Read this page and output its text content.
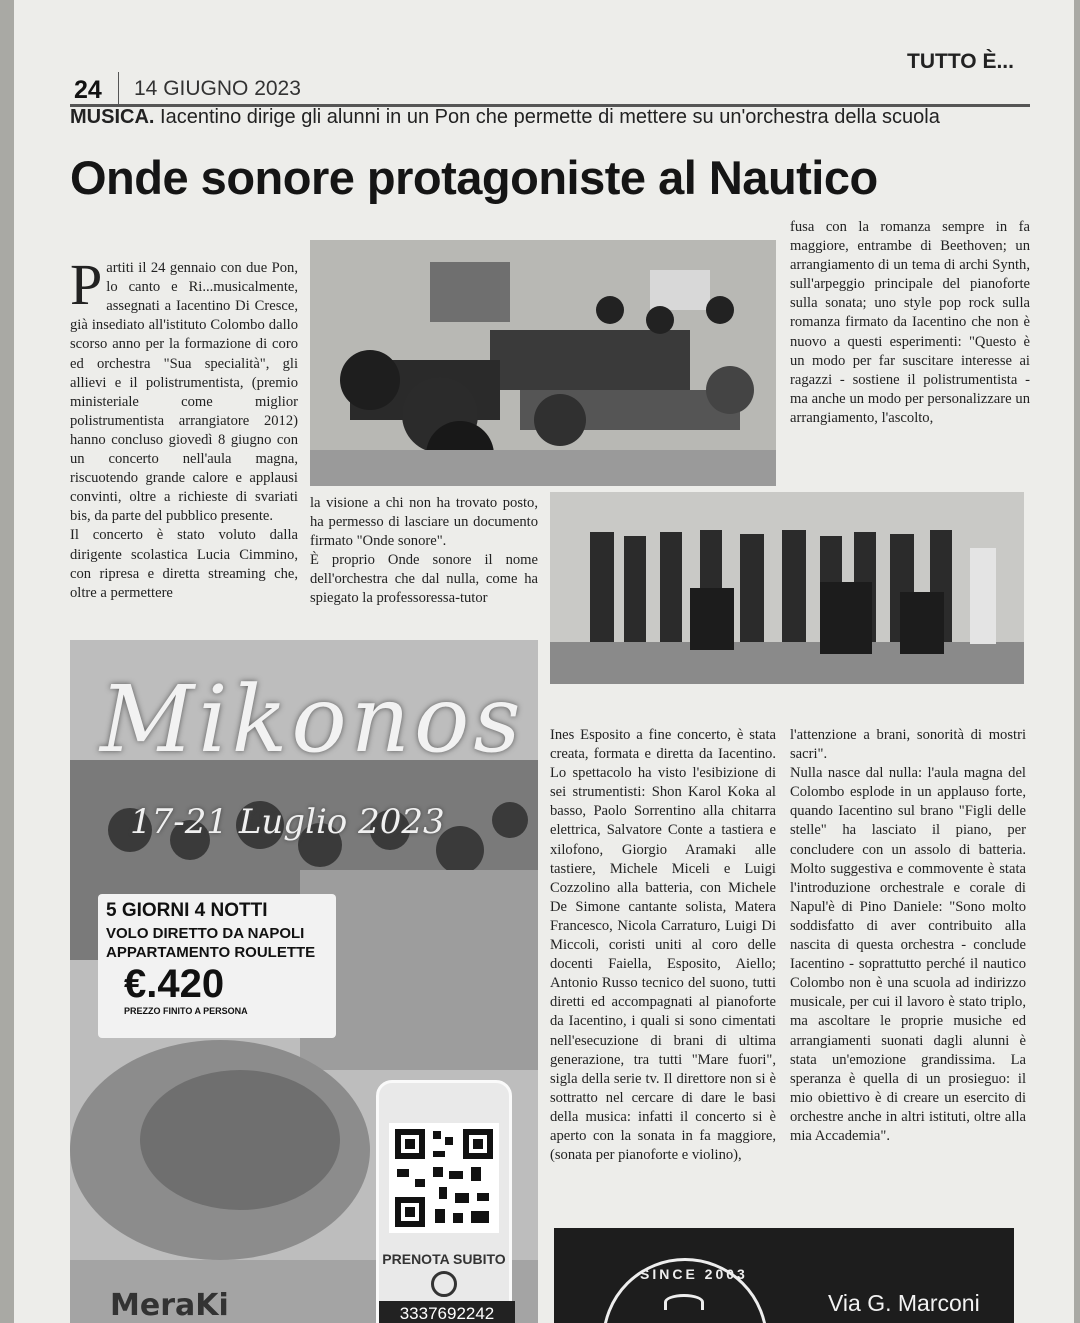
24 14 GIUGNO 2023
TUTTO È...
MUSICA. Iacentino dirige gli alunni in un Pon che permette di mettere su un'orchestra della scuola
Onde sonore protagoniste al Nautico

Partiti il 24 gennaio con due Pon, lo canto e Ri...musicalmente, assegnati a Iacentino Di Cresce, già insediato all'istituto Colombo dallo scorso anno per la formazione di coro ed orchestra "Sua specialità", gli allievi e il polistrumentista, (premio ministeriale come miglior polistrumentista arrangiatore 2012) hanno concluso giovedì 8 giugno con un concerto nell'aula magna, riscuotendo grande calore e applausi convinti, oltre a richieste di svariati bis, da parte del pubblico presente.
Il concerto è stato voluto dalla dirigente scolastica Lucia Cimmino, con ripresa e diretta streaming che, oltre a permettere

la visione a chi non ha trovato posto, ha permesso di lasciare un documento firmato "Onde sonore".
È proprio Onde sonore il nome dell'orchestra che dal nulla, come ha spiegato la professoressa-tutor
fusa con la romanza sempre in fa maggiore, entrambe di Beethoven; un arrangiamento di un tema di archi Synth, sull'arpeggio principale del pianoforte sulla sonata; uno style pop rock sulla romanza firmato da Iacentino che non è nuovo a questi esperimenti: "Questo è un modo per far suscitare interesse ai ragazzi - sostiene il polistrumentista - ma anche un modo per personalizzare un arrangiamento, l'ascolto,
Ines Esposito a fine concerto, è stata creata, formata e diretta da Iacentino. Lo spettacolo ha visto l'esibizione di sei strumentisti: Shon Karol Koka al basso, Paolo Sorrentino alla chitarra elettrica, Salvatore Conte a tastiera e xilofono, Giorgio Aramaki alle tastiere, Michele Miceli e Luigi Cozzolino alla batteria, con Michele De Simone cantante solista, Matera Francesco, Nicola Carraturo, Luigi Di Miccoli, coristi uniti al coro delle docenti Faiella, Esposito, Aiello; Antonio Russo tecnico del suono, tutti diretti ed accompagnati al pianoforte da Iacentino, i quali si sono cimentati nell'esecuzione di brani di ultima generazione, tra tutti "Mare fuori", sigla della serie tv. Il direttore non si è sottratto nel cercare di dare le basi della musica: infatti il concerto si è aperto con la sonata in fa maggiore, (sonata per pianoforte e violino),
l'attenzione a brani, sonorità di mostri sacri".
Nulla nasce dal nulla: l'aula magna del Colombo esplode in un applauso forte, quando Iacentino sul brano "Figli delle stelle" ha lasciato il piano, per concludere con un assolo di batteria. Molto suggestiva e commovente è stata l'introduzione orchestrale e corale di Napul'è di Pino Daniele: "Sono molto soddisfatto di aver contribuito alla nascita di questa orchestra - conclude Iacentino - soprattutto perché il nautico Colombo non è una scuola ad indirizzo musicale, per cui il lavoro è stato triplo, ma ascoltare le proprie musiche ed arrangiamenti suonati dagli alunni è stata un'emozione grandissima. La speranza è quella di un prosieguo: il mio obiettivo è di creare un esercito di orchestre anche in altri istituti, oltre alla mia Accademia".
Mikonos
17-21 Luglio 2023
5 GIORNI 4 NOTTI
VOLO DIRETTO DA NAPOLI
APPARTAMENTO ROULETTE
€.420
PREZZO FINITO A PERSONA
PRENOTA SUBITO
3337692242
MeraKi
SINCE 2003
Via G. Marconi
